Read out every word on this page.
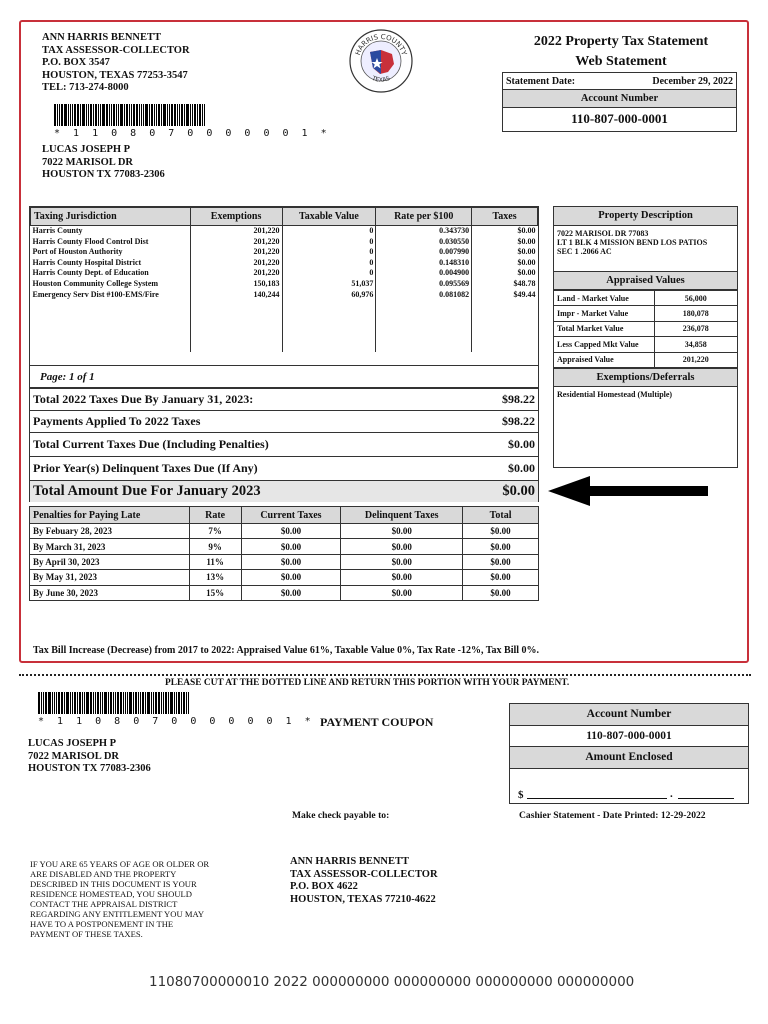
ANN HARRIS BENNETT
TAX ASSESSOR-COLLECTOR
P.O. BOX 3547
HOUSTON, TEXAS 77253-3547
TEL: 713-274-8000
HARRIS COUNTY
TEXAS
2022 Property Tax Statement
Web Statement
Statement Date:	December 29, 2022
Account Number
110-807-000-0001
* 1 1 0 8 0 7 0 0 0 0 0 0 1 *
LUCAS JOSEPH P
7022 MARISOL DR
HOUSTON TX 77083-2306
Taxing Jurisdiction	Exemptions	Taxable Value	Rate per $100	Taxes
Harris County	201,220	0	0.343730	$0.00
Harris County Flood Control Dist	201,220	0	0.030550	$0.00
Port of Houston Authority	201,220	0	0.007990	$0.00
Harris County Hospital District	201,220	0	0.148310	$0.00
Harris County Dept. of Education	201,220	0	0.004900	$0.00
Houston Community College System	150,183	51,037	0.095569	$48.78
Emergency Serv Dist #100-EMS/Fire	140,244	60,976	0.081082	$49.44

Page: 1 of 1
Total 2022 Taxes Due By January 31, 2023:	$98.22
Payments Applied To 2022 Taxes	$98.22
Total Current Taxes Due (Including Penalties)	$0.00
Prior Year(s) Delinquent Taxes Due (If Any)	$0.00
Total Amount Due For January 2023	$0.00
Penalties for Paying Late	Rate	Current Taxes	Delinquent Taxes	Total
By Febuary 28, 2023	7%	$0.00	$0.00	$0.00
By March 31, 2023	9%	$0.00	$0.00	$0.00
By April 30, 2023	11%	$0.00	$0.00	$0.00
By May 31, 2023	13%	$0.00	$0.00	$0.00
By June 30, 2023	15%	$0.00	$0.00	$0.00
Property Description
7022 MARISOL DR 77083
LT 1 BLK 4 MISSION BEND LOS PATIOS
SEC 1 .2066 AC
Appraised Values
Land - Market Value	56,000
Impr - Market Value	180,078
Total Market Value	236,078
Less Capped Mkt Value	34,858
Appraised Value	201,220
Exemptions/Deferrals
Residential Homestead (Multiple)
Tax Bill Increase (Decrease) from 2017 to 2022: Appraised Value 61%, Taxable Value 0%, Tax Rate -12%, Tax Bill 0%.
PLEASE CUT AT THE DOTTED LINE AND RETURN THIS PORTION WITH YOUR PAYMENT.
* 1 1 0 8 0 7 0 0 0 0 0 0 1 *
LUCAS JOSEPH P
7022 MARISOL DR
HOUSTON TX 77083-2306
PAYMENT COUPON
Account Number
110-807-000-0001
Amount Enclosed
$	.
Make check payable to:	Cashier Statement - Date Printed: 12-29-2022
ANN HARRIS BENNETT
TAX ASSESSOR-COLLECTOR
P.O. BOX 4622
HOUSTON, TEXAS 77210-4622
IF YOU ARE 65 YEARS OF AGE OR OLDER OR
ARE DISABLED AND THE PROPERTY
DESCRIBED IN THIS DOCUMENT IS YOUR
RESIDENCE HOMESTEAD, YOU SHOULD
CONTACT THE APPRAISAL DISTRICT
REGARDING ANY ENTITLEMENT YOU MAY
HAVE TO A POSTPONEMENT IN THE
PAYMENT OF THESE TAXES.
11080700000010 2022 000000000 000000000 000000000 000000000
